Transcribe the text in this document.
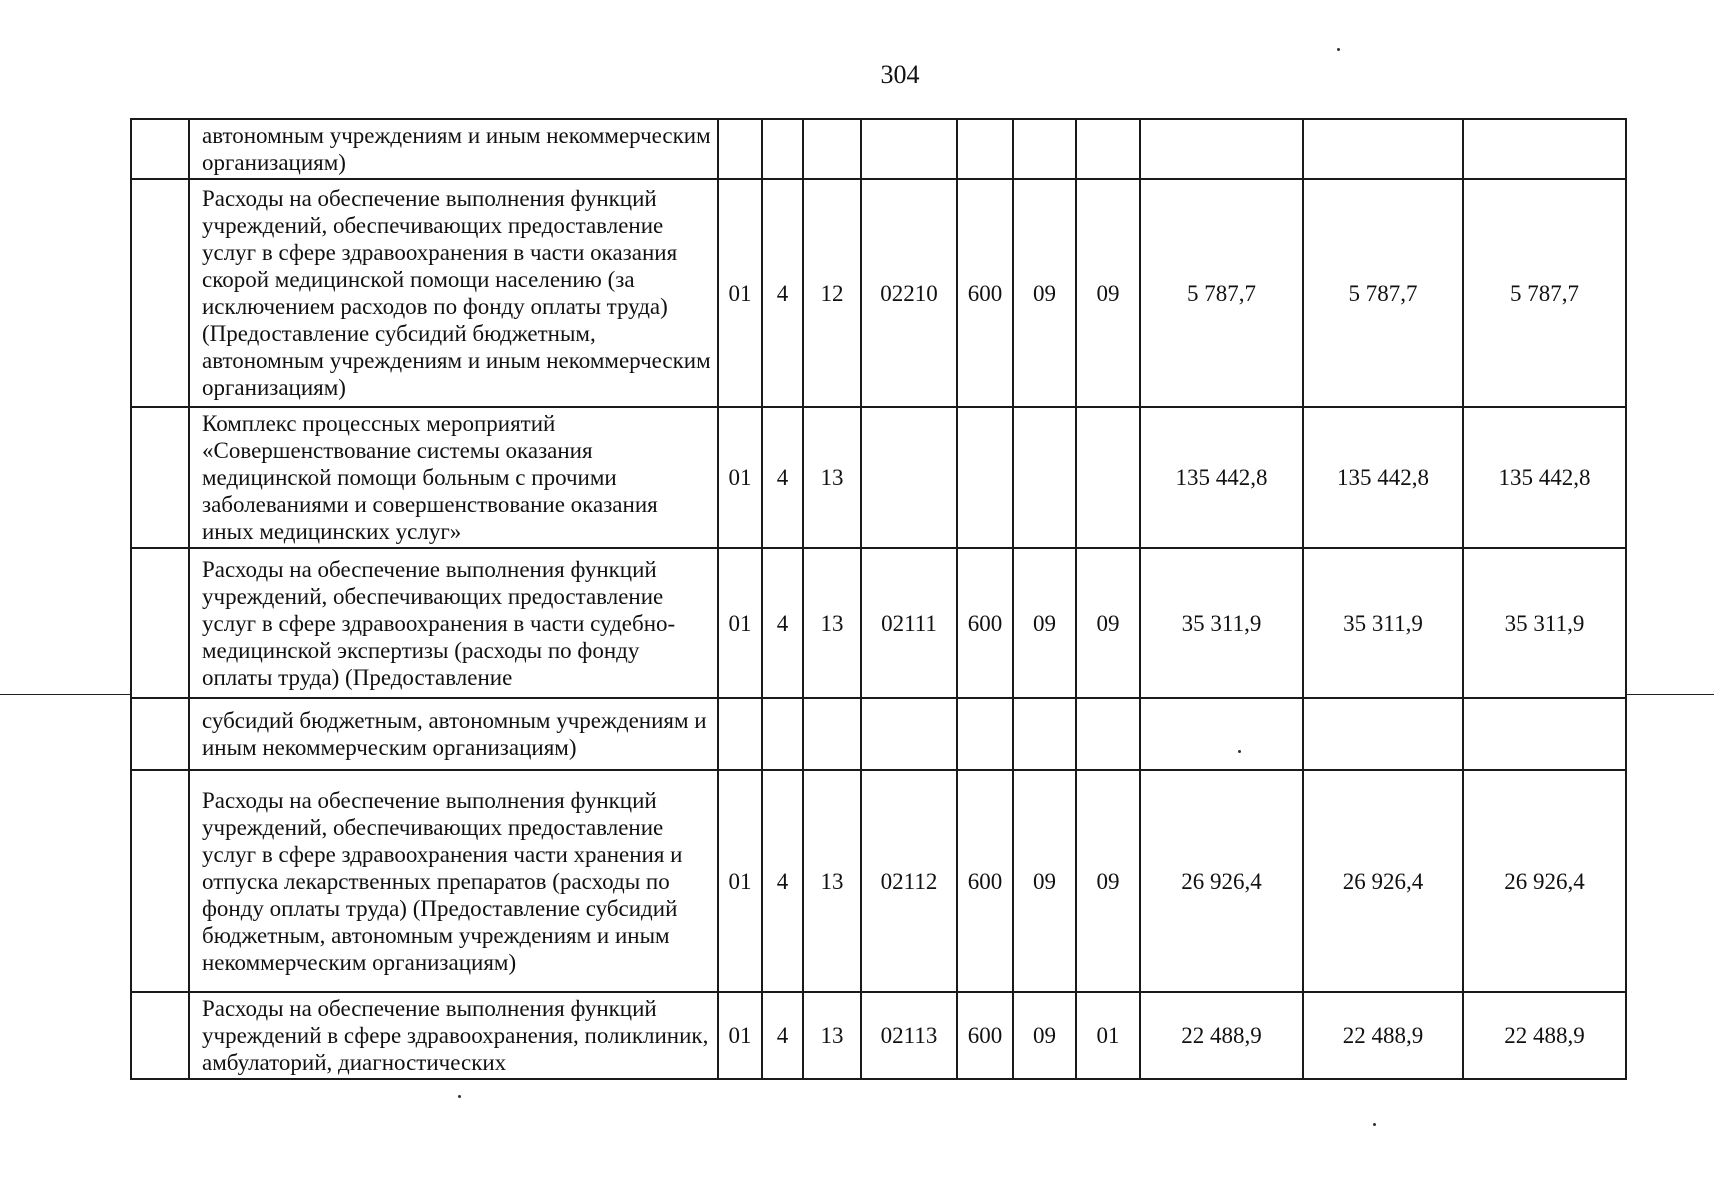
304
	автономным учреждениям и иным некоммерческим организациям)										
	Расходы на обеспечение выполнения функций учреждений, обеспечивающих предоставление услуг в сфере здравоохранения в части оказания скорой медицинской помощи населению (за исключением расходов по фонду оплаты труда) (Предоставление субсидий бюджетным, автономным учреждениям и иным некоммерческим организациям)	01	4	12	02210	600	09	09	5 787,7	5 787,7	5 787,7
	Комплекс процессных мероприятий «Совершенствование системы оказания медицинской помощи больным с прочими заболеваниями и совершенствование оказания иных медицинских услуг»	01	4	13					135 442,8	135 442,8	135 442,8
	Расходы на обеспечение выполнения функций учреждений, обеспечивающих предоставление услуг в сфере здравоохранения в части судебно-медицинской экспертизы (расходы по фонду оплаты труда) (Предоставление	01	4	13	02111	600	09	09	35 311,9	35 311,9	35 311,9
	субсидий бюджетным, автономным учреждениям и иным некоммерческим организациям)										
	Расходы на обеспечение выполнения функций учреждений, обеспечивающих предоставление услуг в сфере здравоохранения части хранения и отпуска лекарственных препаратов (расходы по фонду оплаты труда) (Предоставление субсидий бюджетным, автономным учреждениям и иным некоммерческим организациям)	01	4	13	02112	600	09	09	26 926,4	26 926,4	26 926,4
	Расходы на обеспечение выполнения функций учреждений в сфере здравоохранения, поликлиник, амбулаторий, диагностических	01	4	13	02113	600	09	01	22 488,9	22 488,9	22 488,9
